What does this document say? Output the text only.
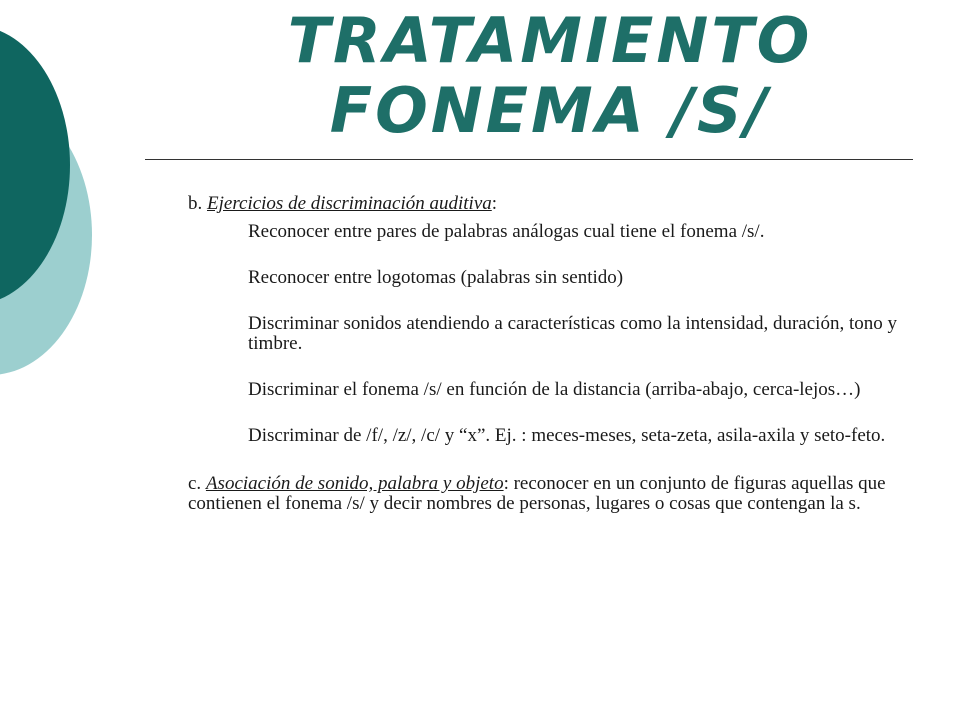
TRATAMIENTO
FONEMA /S/

b. Ejercicios de discriminación auditiva:

Reconocer entre pares de palabras análogas cual tiene el fonema /s/.

Reconocer entre logotomas (palabras sin sentido)

Discriminar sonidos atendiendo a características como la intensidad, duración, tono y timbre.

Discriminar el fonema /s/ en función de la distancia (arriba-abajo, cerca-lejos…)

Discriminar de /f/, /z/, /c/ y “x”. Ej. : meces-meses, seta-zeta, asila-axila y seto-feto.

c. Asociación de sonido, palabra y objeto: reconocer en un conjunto de figuras aquellas que contienen el fonema /s/ y decir nombres de personas, lugares o cosas que contengan la s.
